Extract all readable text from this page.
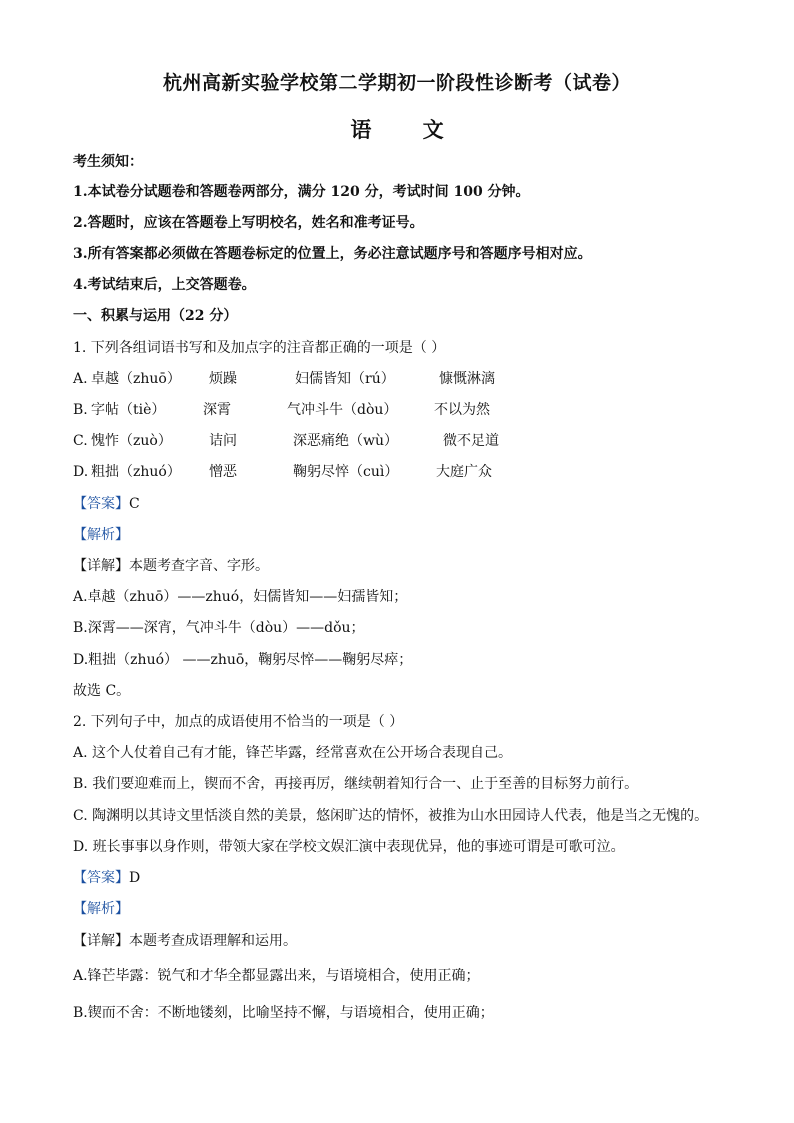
杭州高新实验学校第二学期初一阶段性诊断考（试卷）
语 文
考生须知：
1.本试卷分试题卷和答题卷两部分，满分 120 分，考试时间 100 分钟。
2.答题时，应该在答题卷上写明校名，姓名和准考证号。
3.所有答案都必须做在答题卷标定的位置上，务必注意试题序号和答题序号相对应。
4.考试结束后，上交答题卷。
一、积累与运用（22 分）
1. 下列各组词语书写和及加点字的注音都正确的一项是（ ）
A. 卓越（zhuō） 烦躁	妇儒皆知（rú）	慷慨淋漓
B. 字帖（tiè）	深霄	气冲斗牛（dòu）	不以为然
C. 愧怍（zuò）	诘问	深恶痛绝（wù）	微不足道
D. 粗拙（zhuó） 憎恶	鞠躬尽悴（cuì）	大庭广众
【答案】C
【解析】
【详解】本题考查字音、字形。
A.卓越（zhuō）——zhuó，妇儒皆知——妇孺皆知；
B.深霄——深宵，气冲斗牛（dòu）——dǒu；
D.粗拙（zhuó） ——zhuō，鞠躬尽悴——鞠躬尽瘁；
故选 C。
2. 下列句子中，加点的成语使用不恰当的一项是（ ）
A. 这个人仗着自己有才能，锋芒毕露，经常喜欢在公开场合表现自己。
B. 我们要迎难而上，锲而不舍，再接再厉，继续朝着知行合一、止于至善的目标努力前行。
C. 陶渊明以其诗文里恬淡自然的美景，悠闲旷达的情怀，被推为山水田园诗人代表，他是当之无愧的。
D. 班长事事以身作则，带领大家在学校文娱汇演中表现优异，他的事迹可谓是可歌可泣。
【答案】D
【解析】
【详解】本题考查成语理解和运用。
A.锋芒毕露：锐气和才华全都显露出来，与语境相合，使用正确；
B.锲而不舍：不断地镂刻，比喻坚持不懈，与语境相合，使用正确；
